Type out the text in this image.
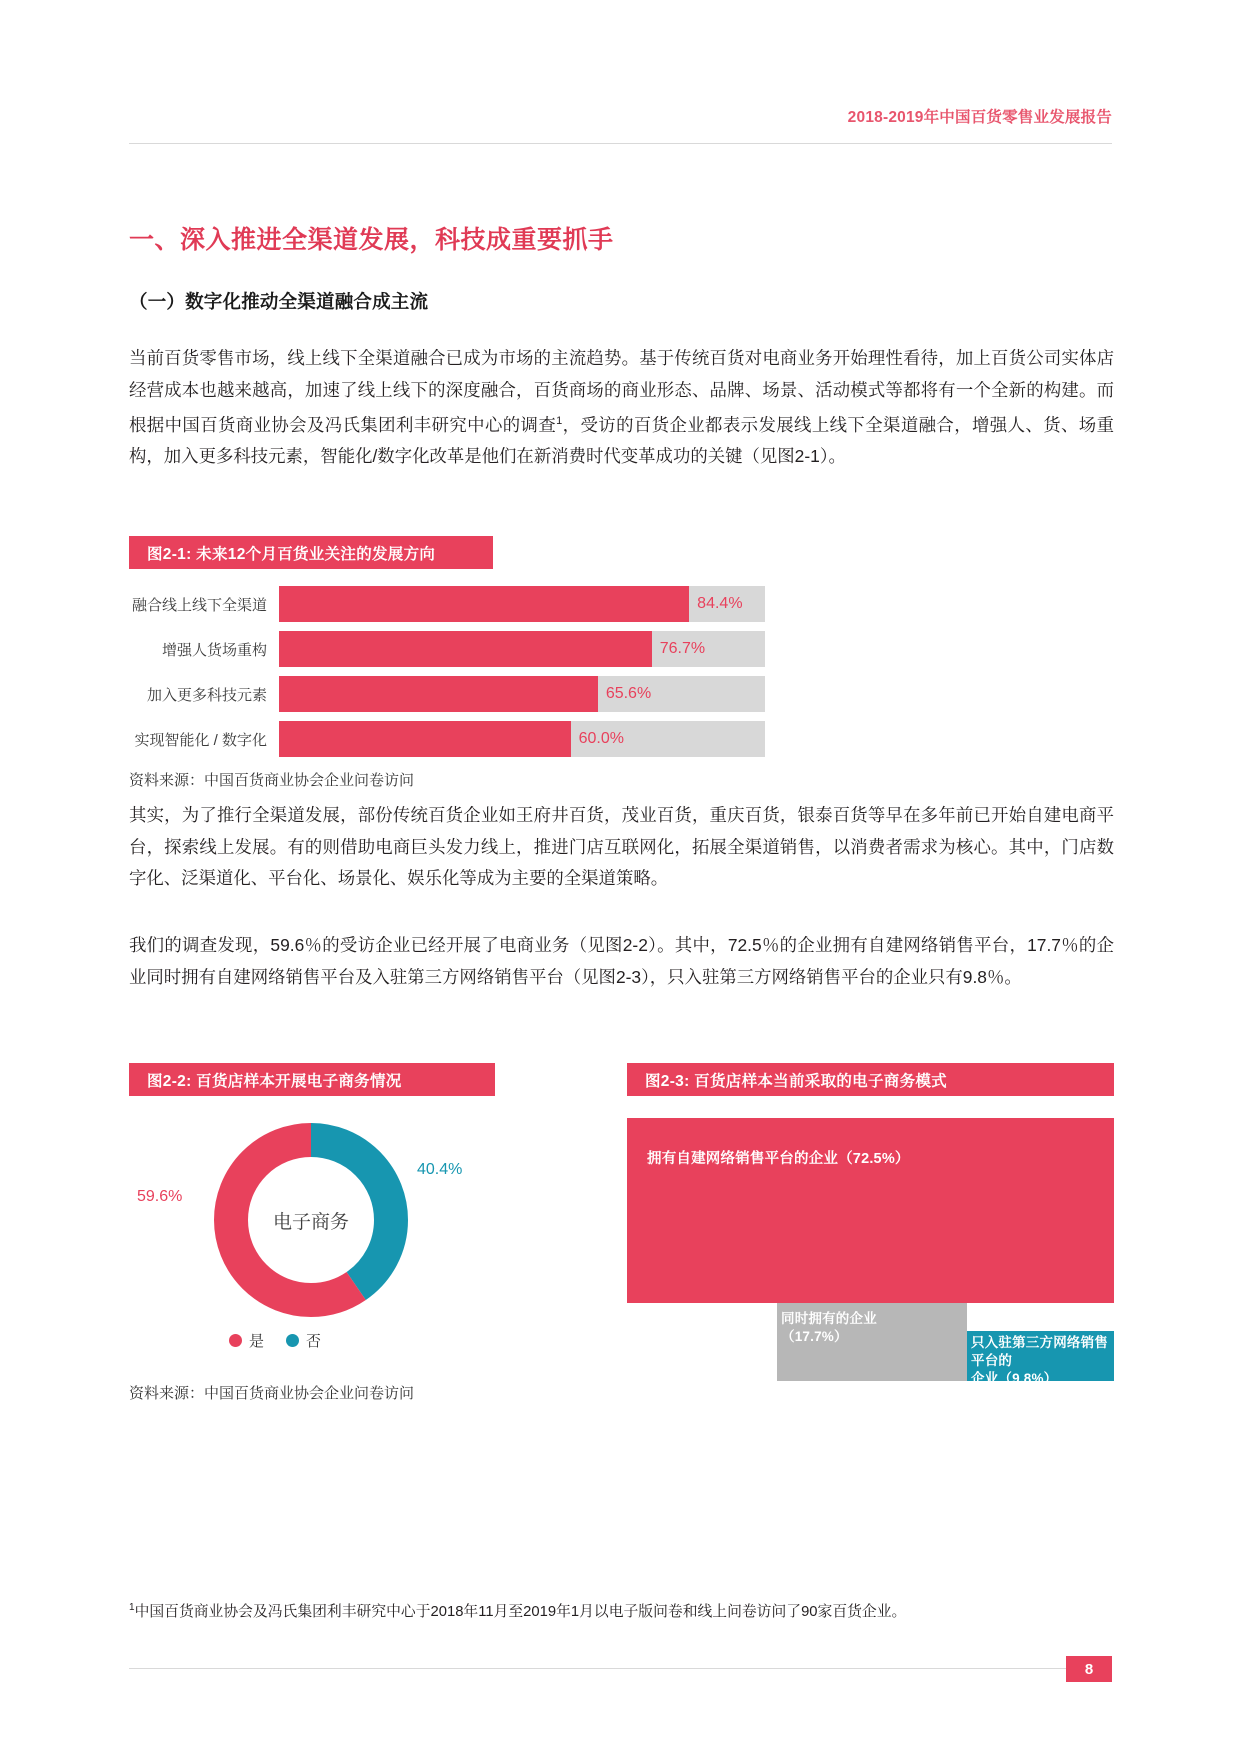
2018-2019年中国百货零售业发展报告
一、深入推进全渠道发展，科技成重要抓手
（一）数字化推动全渠道融合成主流
当前百货零售市场，线上线下全渠道融合已成为市场的主流趋势。基于传统百货对电商业务开始理性看待，加上百货公司实体店经营成本也越来越高，加速了线上线下的深度融合，百货商场的商业形态、品牌、场景、活动模式等都将有一个全新的构建。而根据中国百货商业协会及冯氏集团利丰研究中心的调查$^1$，受访的百货企业都表示发展线上线下全渠道融合，增强人、货、场重构，加入更多科技元素，智能化/数字化改革是他们在新消费时代变革成功的关键（见图2-1）。
图2-1: 未来12个月百货业关注的发展方向
融合线上线下全渠道	84.4%
增强人货场重构	76.7%
加入更多科技元素	65.6%
实现智能化 / 数字化	60.0%
资料来源：中国百货商业协会企业问卷访问
其实，为了推行全渠道发展，部份传统百货企业如王府井百货，茂业百货，重庆百货，银泰百货等早在多年前已开始自建电商平台，探索线上发展。有的则借助电商巨头发力线上，推进门店互联网化，拓展全渠道销售，以消费者需求为核心。其中，门店数字化、泛渠道化、平台化、场景化、娱乐化等成为主要的全渠道策略。
我们的调查发现，59.6％的受访企业已经开展了电商业务（见图2-2）。其中，72.5％的企业拥有自建网络销售平台，17.7％的企业同时拥有自建网络销售平台及入驻第三方网络销售平台（见图2-3），只入驻第三方网络销售平台的企业只有9.8％。
图2-2: 百货店样本开展电子商务情况
电子商务
59.6%
40.4%
是	否
资料来源：中国百货商业协会企业问卷访问
图2-3: 百货店样本当前采取的电子商务模式
拥有自建网络销售平台的企业（72.5%）
同时拥有的企业
（17.7%）	只入驻第三方网络销售平台的
企业（9.8%）
$^1$中国百货商业协会及冯氏集团利丰研究中心于2018年11月至2019年1月以电子版问卷和线上问卷访问了90家百货企业。
8
